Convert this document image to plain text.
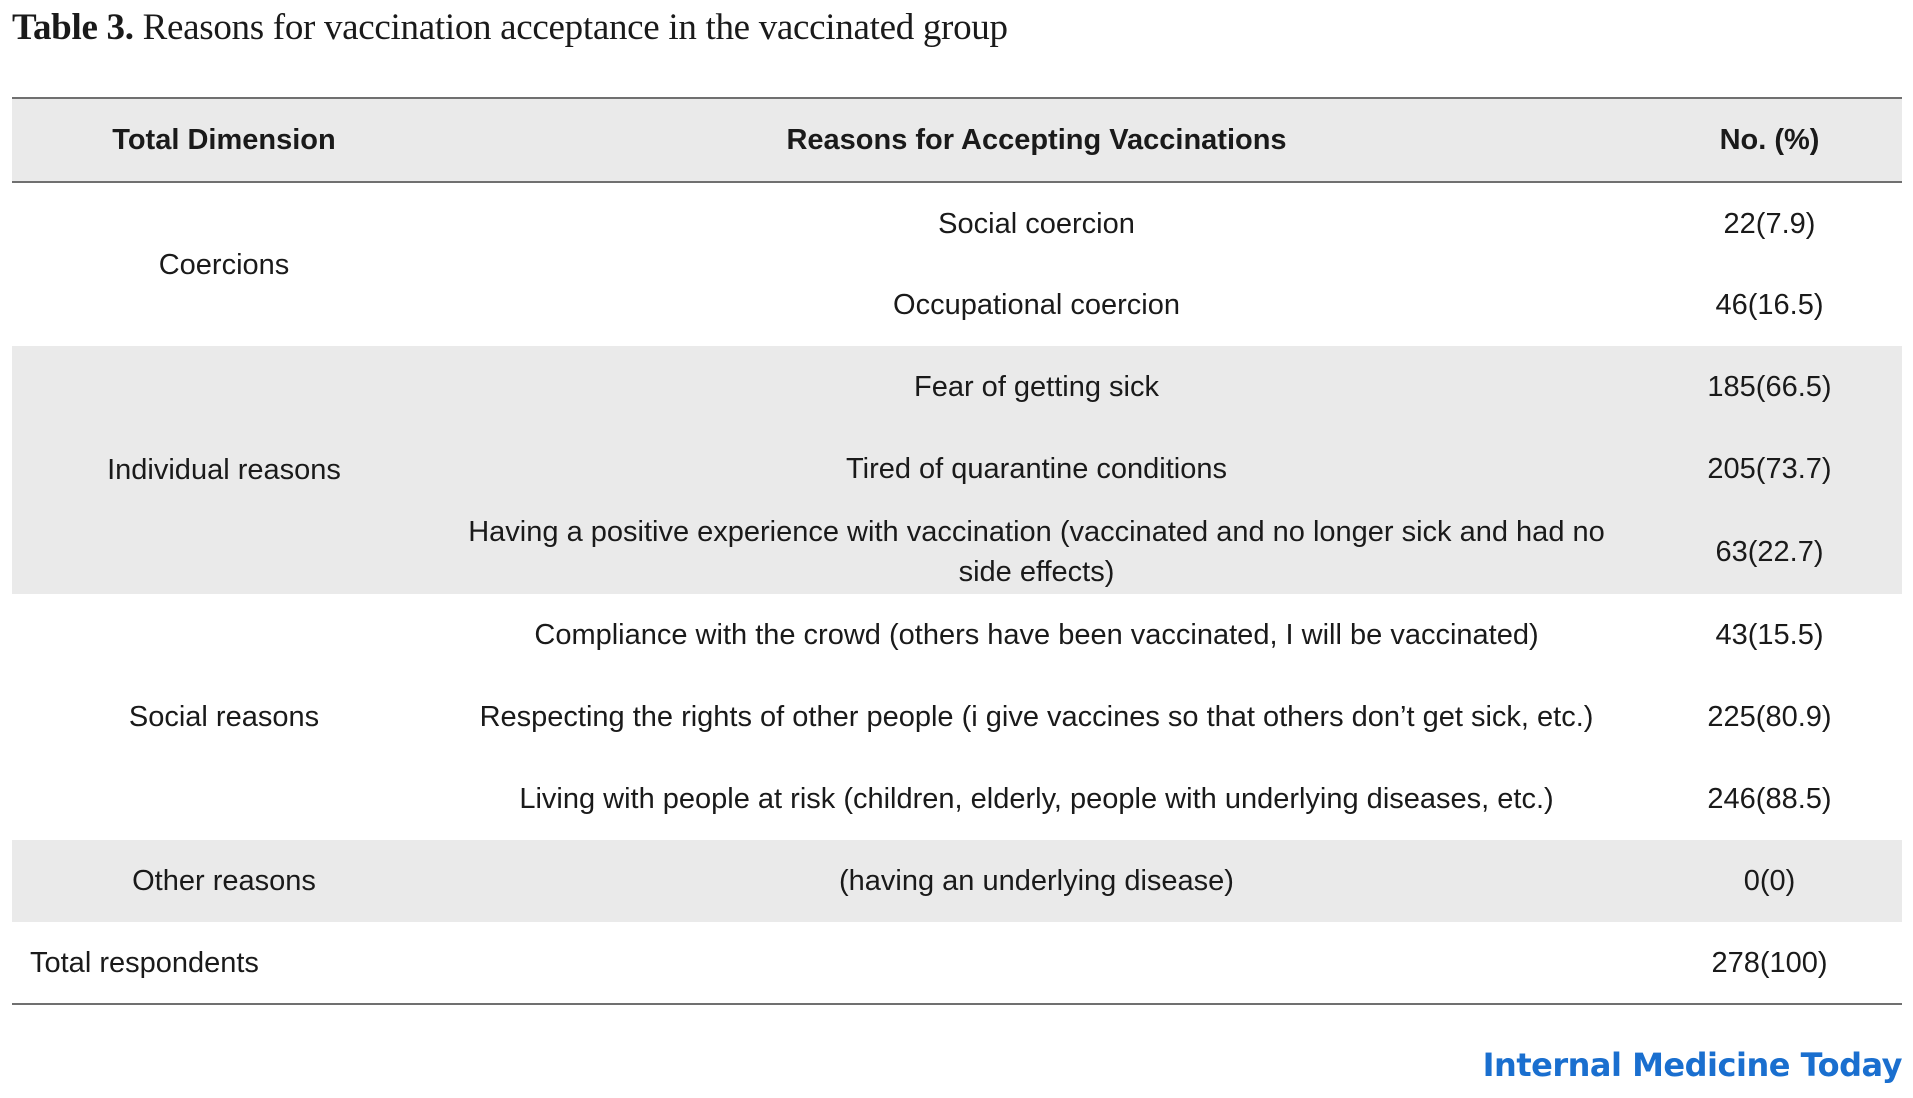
Table 3. Reasons for vaccination acceptance in the vaccinated group
Total Dimension	Reasons for Accepting Vaccinations	No. (%)
Coercions	Social coercion	22(7.9)
	Occupational coercion	46(16.5)
Individual reasons	Fear of getting sick	185(66.5)
	Tired of quarantine conditions	205(73.7)
	Having a positive experience with vaccination (vaccinated and no longer sick and had no side effects)	63(22.7)
Social reasons	Compliance with the crowd (others have been vaccinated, I will be vaccinated)	43(15.5)
	Respecting the rights of other people (i give vaccines so that others don’t get sick, etc.)	225(80.9)
	Living with people at risk (children, elderly, people with underlying diseases, etc.)	246(88.5)
Other reasons	(having an underlying disease)	0(0)
Total respondents		278(100)
Internal Medicine Today
